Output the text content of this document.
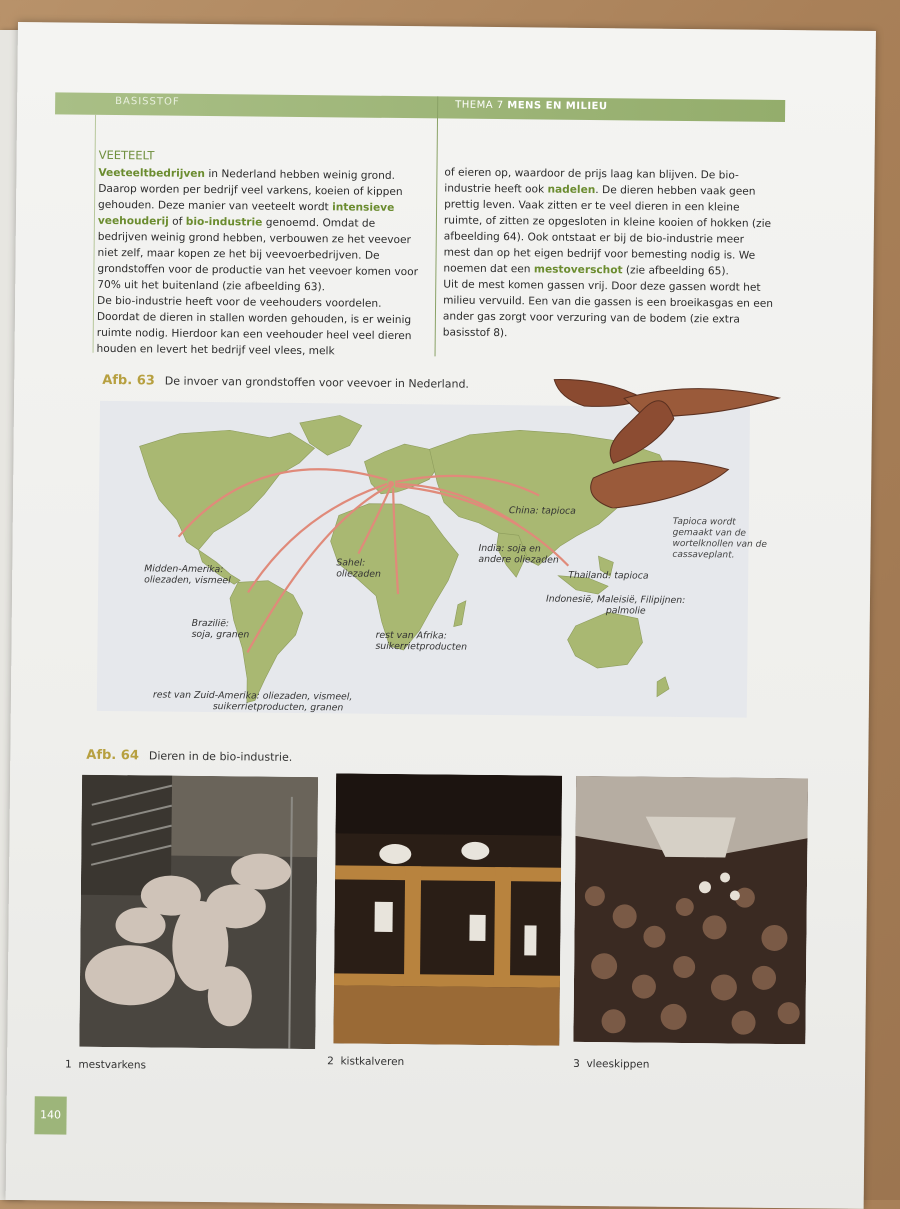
BASISSTOF	THEMA 7 MENS EN MILIEU
VEETEELT
Veeteeltbedrijven in Nederland hebben weinig grond. Daarop worden per bedrijf veel varkens, koeien of kippen gehouden. Deze manier van veeteelt wordt intensieve veehouderij of bio-industrie genoemd. Omdat de bedrijven weinig grond hebben, verbouwen ze het veevoer niet zelf, maar kopen ze het bij veevoerbedrijven. De grondstoffen voor de productie van het veevoer komen voor 70% uit het buitenland (zie afbeelding 63).
De bio-industrie heeft voor de veehouders voordelen. Doordat de dieren in stallen worden gehouden, is er weinig ruimte nodig. Hierdoor kan een veehouder heel veel dieren houden en levert het bedrijf veel vlees, melk
of eieren op, waardoor de prijs laag kan blijven. De bio-industrie heeft ook nadelen. De dieren hebben vaak geen prettig leven. Vaak zitten er te veel dieren in een kleine ruimte, of zitten ze opgesloten in kleine kooien of hokken (zie afbeelding 64). Ook ontstaat er bij de bio-industrie meer mest dan op het eigen bedrijf voor bemesting nodig is. We noemen dat een mestoverschot (zie afbeelding 65).
Uit de mest komen gassen vrij. Door deze gassen wordt het milieu vervuild. Een van die gassen is een broeikasgas en een ander gas zorgt voor verzuring van de bodem (zie extra basisstof 8).
Afb. 63 De invoer van grondstoffen voor veevoer in Nederland.
Midden-Amerika:
oliezaden, vismeel
Brazilië:
soja, granen
rest van Zuid-Amerika: oliezaden, vismeel,
suikerrietproducten, granen
Sahel:
oliezaden
rest van Afrika:
suikerrietproducten
India: soja en
andere oliezaden
China: tapioca
Thailand: tapioca
Indonesië, Maleisië, Filipijnen:
palmolie
Tapioca wordt gemaakt van de wortelknollen van de cassaveplant.
Afb. 64 Dieren in de bio-industrie.
1 mestvarkens	2 kistkalveren	3 vleeskippen
140
